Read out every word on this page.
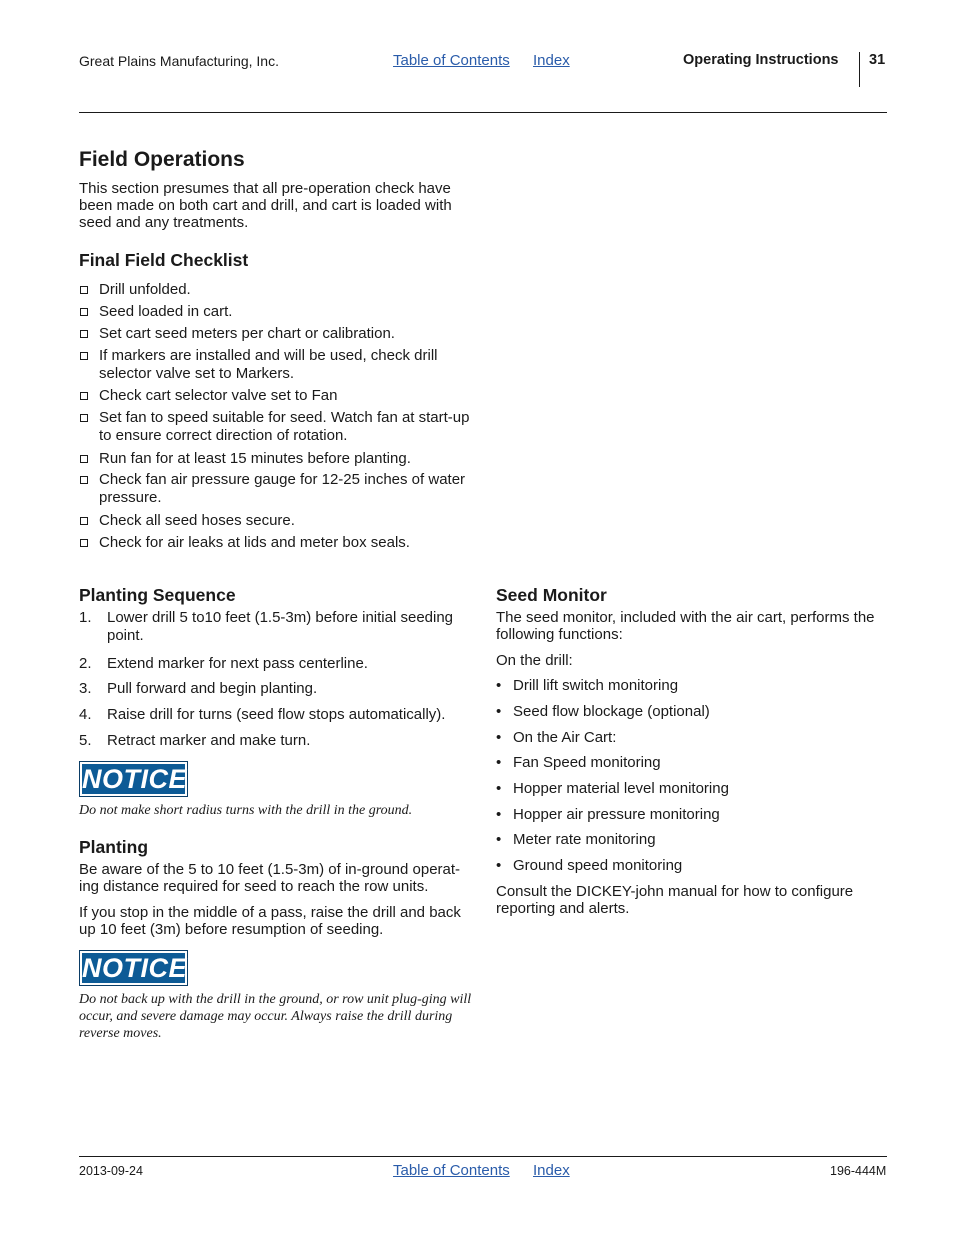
Great Plains Manufacturing, Inc.	Table of Contents Index	Operating Instructions 31
Field Operations
This section presumes that all pre-operation check have been made on both cart and drill, and cart is loaded with seed and any treatments.
Final Field Checklist
Drill unfolded.
Seed loaded in cart.
Set cart seed meters per chart or calibration.
If markers are installed and will be used, check drill selector valve set to Markers.
Check cart selector valve set to Fan
Set fan to speed suitable for seed. Watch fan at start-up to ensure correct direction of rotation.
Run fan for at least 15 minutes before planting.
Check fan air pressure gauge for 12-25 inches of water pressure.
Check all seed hoses secure.
Check for air leaks at lids and meter box seals.
Planting Sequence
1.	Lower drill 5 to10 feet (1.5-3m) before initial seeding point.
2.	Extend marker for next pass centerline.
3.	Pull forward and begin planting.
4.	Raise drill for turns (seed flow stops automatically).
5.	Retract marker and make turn.
NOTICE
Do not make short radius turns with the drill in the ground.
Planting
Be aware of the 5 to 10 feet (1.5-3m) of in-ground operat-ing distance required for seed to reach the row units.
If you stop in the middle of a pass, raise the drill and back up 10 feet (3m) before resumption of seeding.
NOTICE
Do not back up with the drill in the ground, or row unit plug-ging will occur, and severe damage may occur. Always raise the drill during reverse moves.
Seed Monitor
The seed monitor, included with the air cart, performs the following functions:
On the drill:
• Drill lift switch monitoring
• Seed flow blockage (optional)
• On the Air Cart:
• Fan Speed monitoring
• Hopper material level monitoring
• Hopper air pressure monitoring
• Meter rate monitoring
• Ground speed monitoring
Consult the DICKEY-john manual for how to configure reporting and alerts.
2013-09-24	Table of Contents Index	196-444M
